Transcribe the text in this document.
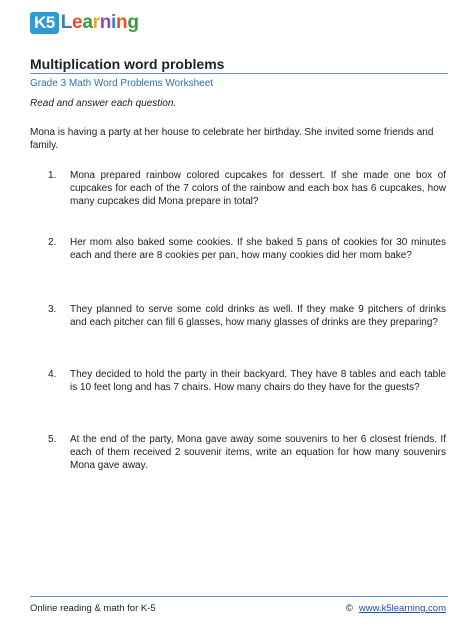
K5 Learning
Multiplication word problems
Grade 3 Math Word Problems Worksheet
Read and answer each question.
Mona is having a party at her house to celebrate her birthday. She invited some friends and family.
1. Mona prepared rainbow colored cupcakes for dessert. If she made one box of cupcakes for each of the 7 colors of the rainbow and each box has 6 cupcakes, how many cupcakes did Mona prepare in total?
2. Her mom also baked some cookies. If she baked 5 pans of cookies for 30 minutes each and there are 8 cookies per pan, how many cookies did her mom bake?
3. They planned to serve some cold drinks as well. If they make 9 pitchers of drinks and each pitcher can fill 6 glasses, how many glasses of drinks are they preparing?
4. They decided to hold the party in their backyard. They have 8 tables and each table is 10 feet long and has 7 chairs. How many chairs do they have for the guests?
5. At the end of the party, Mona gave away some souvenirs to her 6 closest friends. If each of them received 2 souvenir items, write an equation for how many souvenirs Mona gave away.
Online reading & math for K-5	© www.k5learning.com
